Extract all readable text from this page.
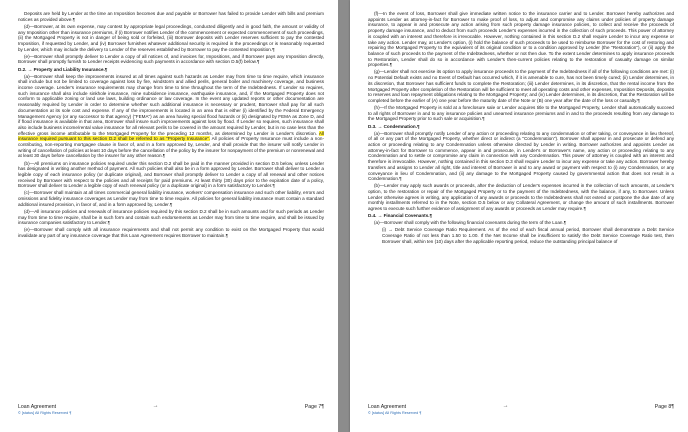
Deposits are held by Lender at the time an Imposition becomes due and payable or Borrower has failed to provide Lender with bills and premium notices as provided above.¶

(d)—Borrower, at its own expense, may contest by appropriate legal proceedings, conducted diligently and in good faith, the amount or validity of any Imposition other than insurance premiums, if (i) Borrower notifies Lender of the commencement or expected commencement of such proceedings, (ii) the Mortgaged Property is not in danger of being sold or forfeited, (iii) Borrower deposits with Lender reserves sufficient to pay the contested Imposition, if requested by Lender, and (iv) Borrower furnishes whatever additional security is required in the proceedings or is reasonably requested by Lender, which may include the delivery to Lender of the reserves established by Borrower to pay the contested Imposition.¶

(e)—Borrower shall promptly deliver to Lender a copy of all notices of, and invoices for, Impositions, and if Borrower pays any Imposition directly, Borrower shall promptly furnish to Lender receipts evidencing such payments in accordance with section D.5(f) below.¶

D.2. → Property and Liability Insurance.¶

(a)—Borrower shall keep the improvements insured at all times against such hazards as Lender may from time to time require, which insurance shall include but not be limited to coverage against loss by fire, windstorm and allied perils, general boiler and machinery coverage, and business income coverage. Lender's insurance requirements may change from time to time throughout the term of the Indebtedness. If Lender so requires, such insurance shall also include sinkhole insurance, mine subsidence insurance, earthquake insurance, and, if the Mortgaged Property does not conform to applicable zoning or land use laws, building ordinance or law coverage. In the event any updated reports or other documentation are reasonably required by Lender in order to determine whether such additional insurance is necessary or prudent, Borrower shall pay for all such documentation at its sole cost and expense. If any of the improvements is located in an area that is either (i) identified by the Federal Emergency Management Agency (or any successor to that agency) ("FEMA") as an area having special flood hazards or (ii) designated by FEMA as Zone D, and if flood insurance is available in that area, Borrower shall insure such improvements against loss by flood. If Lender so requires, such insurance shall also include business income/rental value insurance for all relevant perils to be covered in the amount required by Lender, but in no case less than the effective gross income attributable to the Mortgaged Property for the preceding 12 months, as determined by Lender in Lender's discretion. All insurance required pursuant to this section D.2 shall be referred to as "Property Insurance". All policies of Property Insurance must include a non-contributing, non-reporting mortgagee clause in favor of, and in a form approved by, Lender, and shall provide that the insurer will notify Lender in writing of cancellation of policies at least 10 days before the cancellation of the policy by the insurer for nonpayment of the premium or nonrenewal and at least 30 days before cancellation by the insurer for any other reason.¶

(b)—All premiums on insurance policies required under this section D.2 shall be paid in the manner provided in section D.5 below, unless Lender has designated in writing another method of payment. All such policies shall also be in a form approved by Lender. Borrower shall deliver to Lender a legible copy of each insurance policy (or duplicate original), and Borrower shall promptly deliver to Lender a copy of all renewal and other notices received by Borrower with respect to the policies and all receipts for paid premiums. At least thirty (30) days prior to the expiration date of a policy, Borrower shall deliver to Lender a legible copy of each renewal policy (or a duplicate original) in a form satisfactory to Lender.¶

(c)—Borrower shall maintain at all times commercial general liability insurance, workers' compensation insurance and such other liability, errors and omissions and fidelity insurance coverages as Lender may from time to time require. All policies for general liability insurance must contain a standard additional insured provision, in favor of, and in a form approved by, Lender.¶

(d)—All insurance policies and renewals of insurance policies required by this section D.2 shall be in such amounts and for such periods as Lender may from time to time require, shall be in such form and contain such endorsements as Lender may from time to time require, and shall be issued by insurance companies satisfactory to Lender.¶

(e)—Borrower shall comply with all insurance requirements and shall not permit any condition to exist on the Mortgaged Property that would invalidate any part of any insurance coverage that this Loan Agreement requires Borrower to maintain.¶

Loan Agreement
© [status] All Rights Reserved ¶
→	Page 7¶

(f)—In the event of loss, Borrower shall give immediate written notice to the insurance carrier and to Lender. Borrower hereby authorizes and appoints Lender as attorney-in-fact for Borrower to make proof of loss, to adjust and compromise any claims under policies of property damage insurance, to appear in and prosecute any action arising from such property damage insurance policies, to collect and receive the proceeds of property damage insurance, and to deduct from such proceeds Lender's expenses incurred in the collection of such proceeds. This power of attorney is coupled with an interest and therefore is irrevocable. However, nothing contained in this section D.2 shall require Lender to incur any expense or take any action. Lender may, at Lender's option, (i) hold the balance of such proceeds to be used to reimburse Borrower for the cost of restoring and repairing the Mortgaged Property to the equivalent of its original condition or to a condition approved by Lender (the "Restoration"), or (ii) apply the balance of such proceeds to the payment of the Indebtedness, whether or not then due. To the extent Lender determines to apply insurance proceeds to Restoration, Lender shall do so in accordance with Lender's then-current policies relating to the restoration of casualty damage on similar properties.¶

(g)—Lender shall not exercise its option to apply insurance proceeds to the payment of the Indebtedness if all of the following conditions are met: (i) no Potential Default exists and no Event of Default has occurred which, if it is amenable to cure, has not been timely cured; (ii) Lender determines, in its discretion, that Borrower has sufficient funds to complete the Restoration; (iii) Lender determines, in its discretion, that the rental income from the Mortgaged Property after completion of the Restoration will be sufficient to meet all operating costs and other expenses, Imposition Deposits, deposits to reserves and loan repayment obligations relating to the Mortgaged Property; and (iv) Lender determines, in its discretion, that the Restoration will be completed before the earlier of (A) one year before the maturity date of the Note or (B) one year after the date of the loss or casualty.¶

(h)—If the Mortgaged Property is sold at a foreclosure sale or Lender acquires title to the Mortgaged Property, Lender shall automatically succeed to all rights of Borrower in and to any insurance policies and unearned insurance premiums and in and to the proceeds resulting from any damage to the Mortgaged Property prior to such sale or acquisition.¶

D.3. → Condemnation.¶

(a)—Borrower shall promptly notify Lender of any action or proceeding relating to any condemnation or other taking, or conveyance in lieu thereof, of all or any part of the Mortgaged Property, whether direct or indirect (a "Condemnation"). Borrower shall appear in and prosecute or defend any action or proceeding relating to any Condemnation unless otherwise directed by Lender in writing. Borrower authorizes and appoints Lender as attorney-in-fact for Borrower to commence, appear in and prosecute, in Lender's or Borrower's name, any action or proceeding relating to any Condemnation and to settle or compromise any claim in connection with any Condemnation. This power of attorney is coupled with an interest and therefore is irrevocable. However, nothing contained in this section D.3 shall require Lender to incur any expense or take any action. Borrower hereby transfers and assigns to Lender all right, title and interest of Borrower in and to any award or payment with respect to (i) any Condemnation, or any conveyance in lieu of Condemnation, and (ii) any damage to the Mortgaged Property caused by governmental action that does not result in a Condemnation.¶

(b)—Lender may apply such awards or proceeds, after the deduction of Lender's expenses incurred in the collection of such amounts, at Lender's option, to the restoration or repair of the Mortgaged Property or to the payment of the Indebtedness, with the balance, if any, to Borrower. Unless Lender otherwise agrees in writing, any application of any awards or proceeds to the Indebtedness shall not extend or postpone the due date of any monthly installments referred to in the Note, section D.5 below or any Collateral Agreement, or change the amount of such installments. Borrower agrees to execute such further evidence of assignment of any awards or proceeds as Lender may require.¶

D.4. → Financial Covenants.¶

(a)—Borrower shall comply with the following financial covenants during the term of the Loan.¶

(i) → Debt Service Coverage Ratio Requirement. As of the end of each fiscal annual period, Borrower shall demonstrate a Debt Service Coverage Ratio of not less than 1.50 to 1.00. If the Net Income shall be insufficient to satisfy the Debt Service Coverage Ratio test, then Borrower shall, within ten (10) days after the applicable reporting period, reduce the outstanding principal balance of

Loan Agreement
© [status] All Rights Reserved ¶
→	Page 8¶
